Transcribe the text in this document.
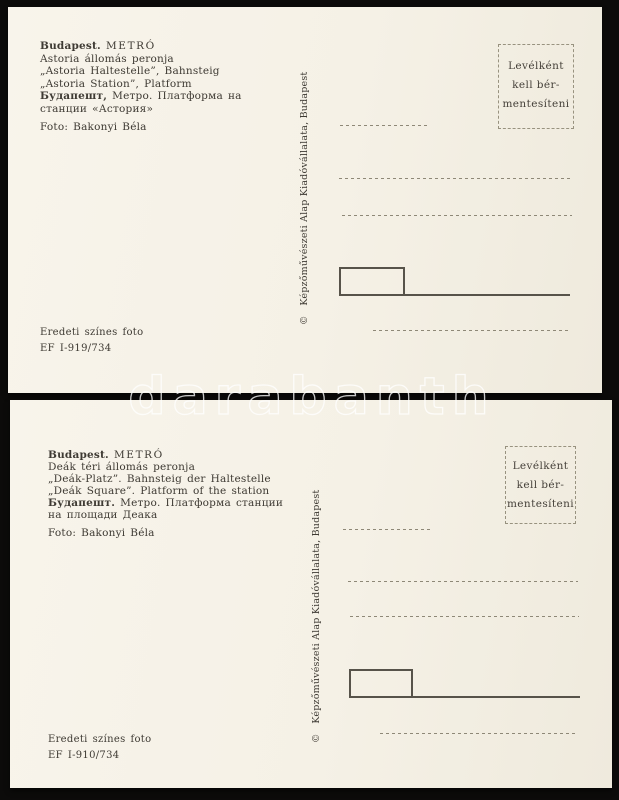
Budapest. METRÓ
Astoria állomás peronja
„Astoria Haltestelle”, Bahnsteig
„Astoria Station”, Platform
Будапешт, Метро. Платформа на
станции «Астория»
Foto: Bakonyi Béla
Levélként
kell bér-
mentesíteni
©   Képzőművészeti Alap Kiadóvállalata, Budapest
Eredeti színes foto
EF I-919/734
Budapest. METRÓ
Deák téri állomás peronja
„Deák-Platz”. Bahnsteig der Haltestelle
„Deák Square”. Platform of the station
Будапешт. Метро. Платформа станции
на площади Деака
Foto: Bakonyi Béla
Levélként
kell bér-
mentesíteni
©   Képzőművészeti Alap Kiadóvállalata, Budapest
Eredeti színes foto
EF I-910/734
darabanth
